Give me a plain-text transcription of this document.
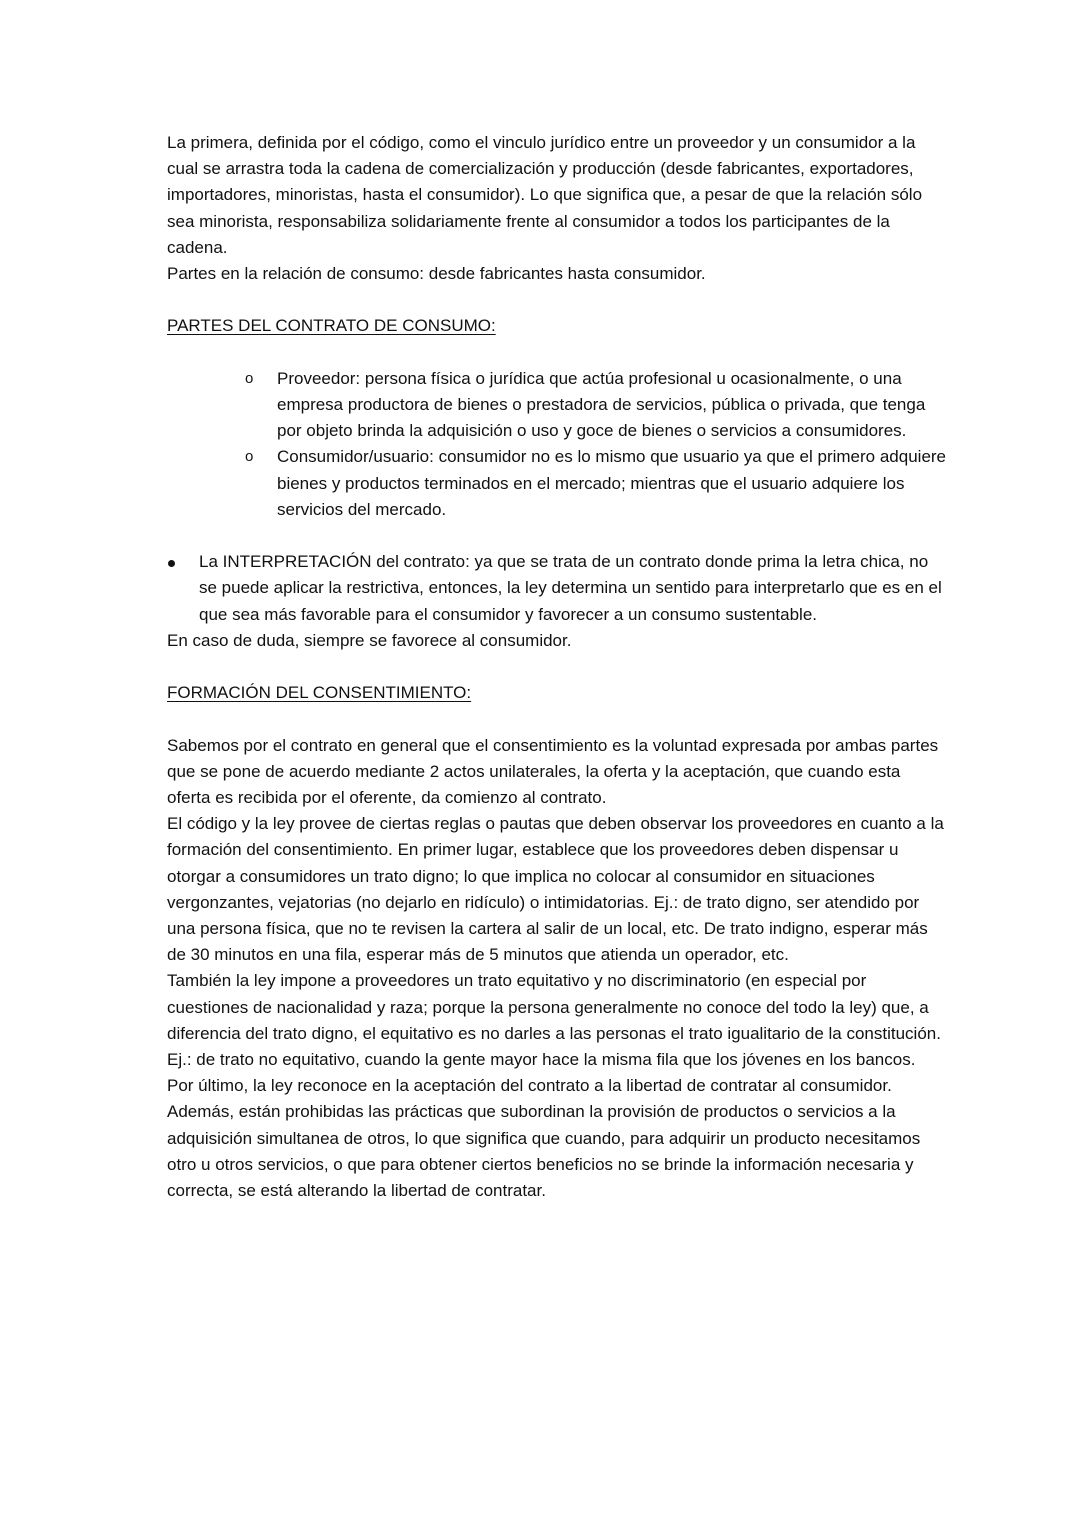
La primera, definida por el código, como el vinculo jurídico entre un proveedor y un consumidor a la cual se arrastra toda la cadena de comercialización y producción (desde fabricantes, exportadores, importadores, minoristas, hasta el consumidor). Lo que significa que, a pesar de que la relación sólo sea minorista, responsabiliza solidariamente frente al consumidor a todos los participantes de la cadena.

Partes en la relación de consumo: desde fabricantes hasta consumidor.

PARTES DEL CONTRATO DE CONSUMO:

o Proveedor: persona física o jurídica que actúa profesional u ocasionalmente, o una empresa productora de bienes o prestadora de servicios, pública o privada, que tenga por objeto brinda la adquisición o uso y goce de bienes o servicios a consumidores.
o Consumidor/usuario: consumidor no es lo mismo que usuario ya que el primero adquiere bienes y productos terminados en el mercado; mientras que el usuario adquiere los servicios del mercado.
La INTERPRETACIÓN del contrato: ya que se trata de un contrato donde prima la letra chica, no se puede aplicar la restrictiva, entonces, la ley determina un sentido para interpretarlo que es en el que sea más favorable para el consumidor y favorecer a un consumo sustentable.

En caso de duda, siempre se favorece al consumidor.

FORMACIÓN DEL CONSENTIMIENTO:

Sabemos por el contrato en general que el consentimiento es la voluntad expresada por ambas partes que se pone de acuerdo mediante 2 actos unilaterales, la oferta y la aceptación, que cuando esta oferta es recibida por el oferente, da comienzo al contrato.

El código y la ley provee de ciertas reglas o pautas que deben observar los proveedores en cuanto a la formación del consentimiento. En primer lugar, establece que los proveedores deben dispensar u otorgar a consumidores un trato digno; lo que implica no colocar al consumidor en situaciones vergonzantes, vejatorias (no dejarlo en ridículo) o intimidatorias. Ej.: de trato digno, ser atendido por una persona física, que no te revisen la cartera al salir de un local, etc. De trato indigno, esperar más de 30 minutos en una fila, esperar más de 5 minutos que atienda un operador, etc.

También la ley impone a proveedores un trato equitativo y no discriminatorio (en especial por cuestiones de nacionalidad y raza; porque la persona generalmente no conoce del todo la ley) que, a diferencia del trato digno, el equitativo es no darles a las personas el trato igualitario de la constitución. Ej.: de trato no equitativo, cuando la gente mayor hace la misma fila que los jóvenes en los bancos.

Por último, la ley reconoce en la aceptación del contrato a la libertad de contratar al consumidor. Además, están prohibidas las prácticas que subordinan la provisión de productos o servicios a la adquisición simultanea de otros, lo que significa que cuando, para adquirir un producto necesitamos otro u otros servicios, o que para obtener ciertos beneficios no se brinde la información necesaria y correcta, se está alterando la libertad de contratar.
